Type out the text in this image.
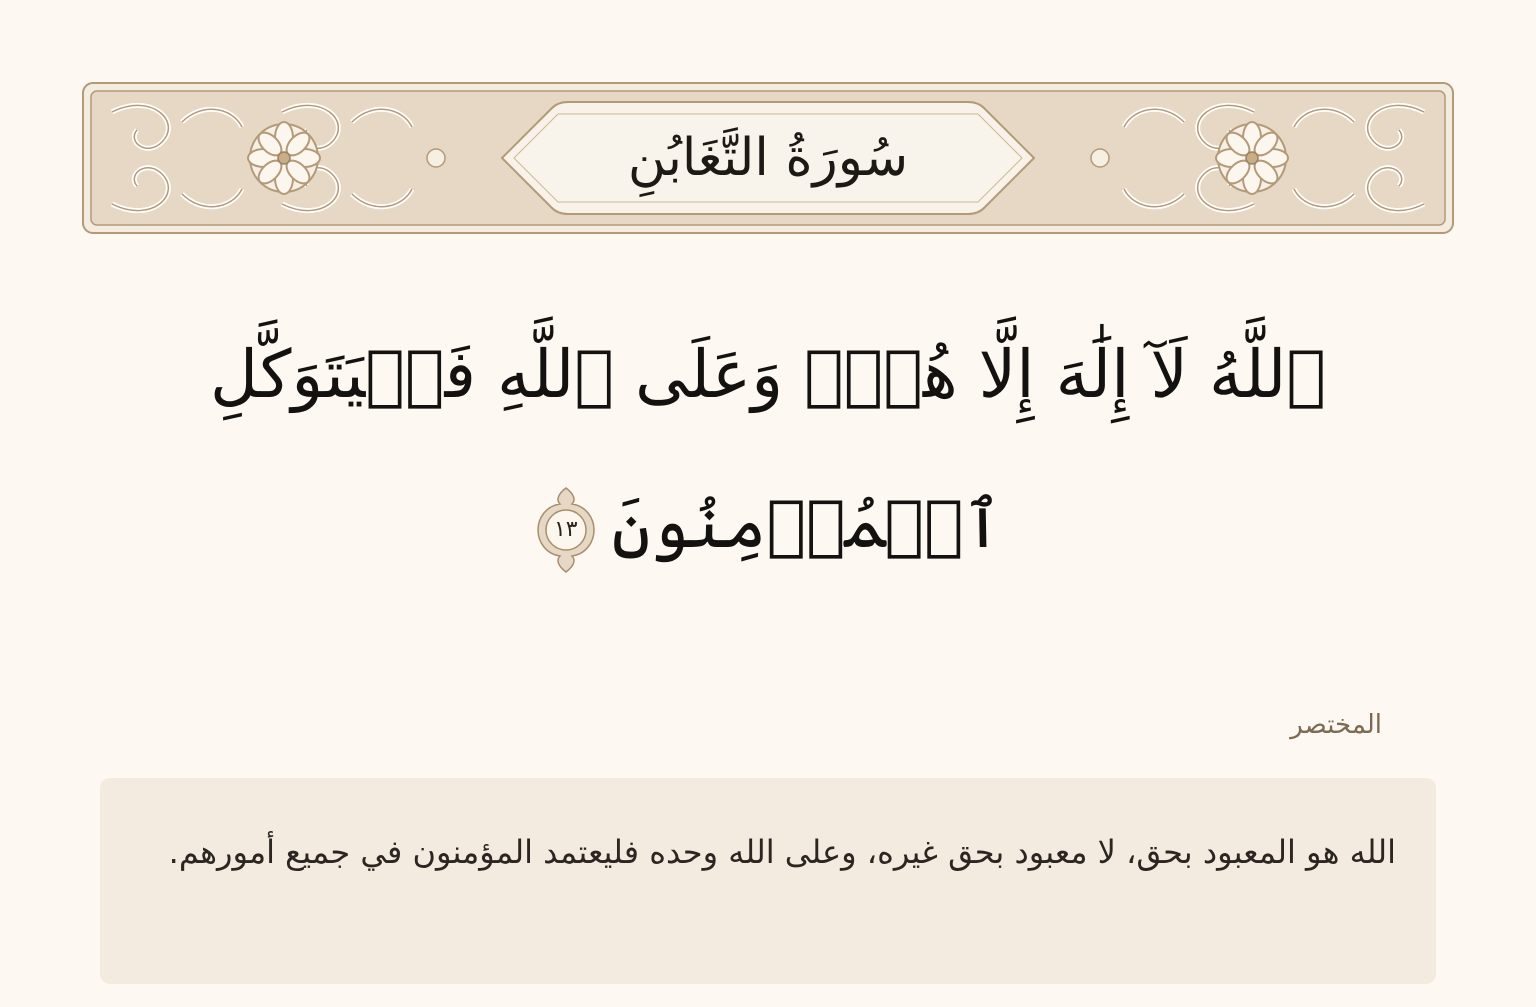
سُورَةُ التَّغَابُنِ
ٱللَّهُ لَآ إِلَٰهَ إِلَّا هُوَۚ وَعَلَى ٱللَّهِ فَلۡيَتَوَكَّلِ
ٱلۡمُؤۡمِنُونَ
١٣
المختصر
الله هو المعبود بحق، لا معبود بحق غيره، وعلى الله وحده فليعتمد المؤمنون في جميع أمورهم.
